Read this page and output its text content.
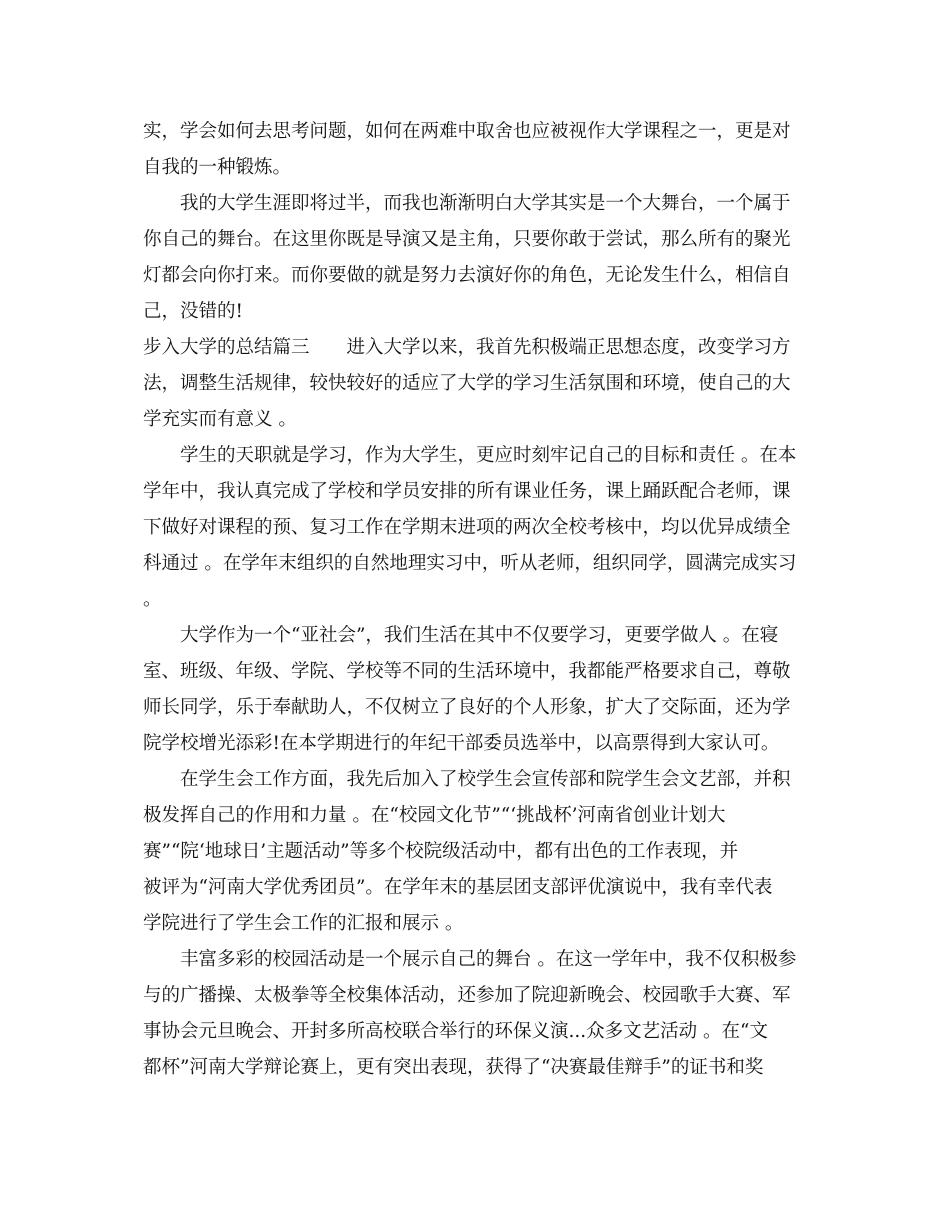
实，学会如何去思考问题，如何在两难中取舍也应被视作大学课程之一，更是对
自我的一种锻炼。
我的大学生涯即将过半，而我也渐渐明白大学其实是一个大舞台，一个属于
你自己的舞台。在这里你既是导演又是主角，只要你敢于尝试，那么所有的聚光
灯都会向你打来。而你要做的就是努力去演好你的角色，无论发生什么，相信自
己，没错的!
步入大学的总结篇三　　进入大学以来，我首先积极端正思想态度，改变学习方
法，调整生活规律，较快较好的适应了大学的学习生活氛围和环境，使自己的大
学充实而有意义 。
学生的天职就是学习，作为大学生，更应时刻牢记自己的目标和责任 。在本
学年中，我认真完成了学校和学员安排的所有课业任务，课上踊跃配合老师，课
下做好对课程的预、复习工作在学期末进项的两次全校考核中，均以优异成绩全
科通过 。在学年末组织的自然地理实习中，听从老师，组织同学，圆满完成实习
。
大学作为一个“亚社会”，我们生活在其中不仅要学习，更要学做人 。在寝
室、班级、年级、学院、学校等不同的生活环境中，我都能严格要求自己，尊敬
师长同学，乐于奉献助人，不仅树立了良好的个人形象，扩大了交际面，还为学
院学校增光添彩!在本学期进行的年纪干部委员选举中，以高票得到大家认可。
在学生会工作方面，我先后加入了校学生会宣传部和院学生会文艺部，并积
极发挥自己的作用和力量 。在“校园文化节”“‘挑战杯’河南省创业计划大
赛”“院‘地球日’主题活动”等多个校院级活动中，都有出色的工作表现，并
被评为“河南大学优秀团员”。在学年末的基层团支部评优演说中，我有幸代表
学院进行了学生会工作的汇报和展示 。
丰富多彩的校园活动是一个展示自己的舞台 。在这一学年中，我不仅积极参
与的广播操、太极拳等全校集体活动，还参加了院迎新晚会、校园歌手大赛、军
事协会元旦晚会、开封多所高校联合举行的环保义演...众多文艺活动 。在“文
都杯”河南大学辩论赛上，更有突出表现，获得了“决赛最佳辩手”的证书和奖
